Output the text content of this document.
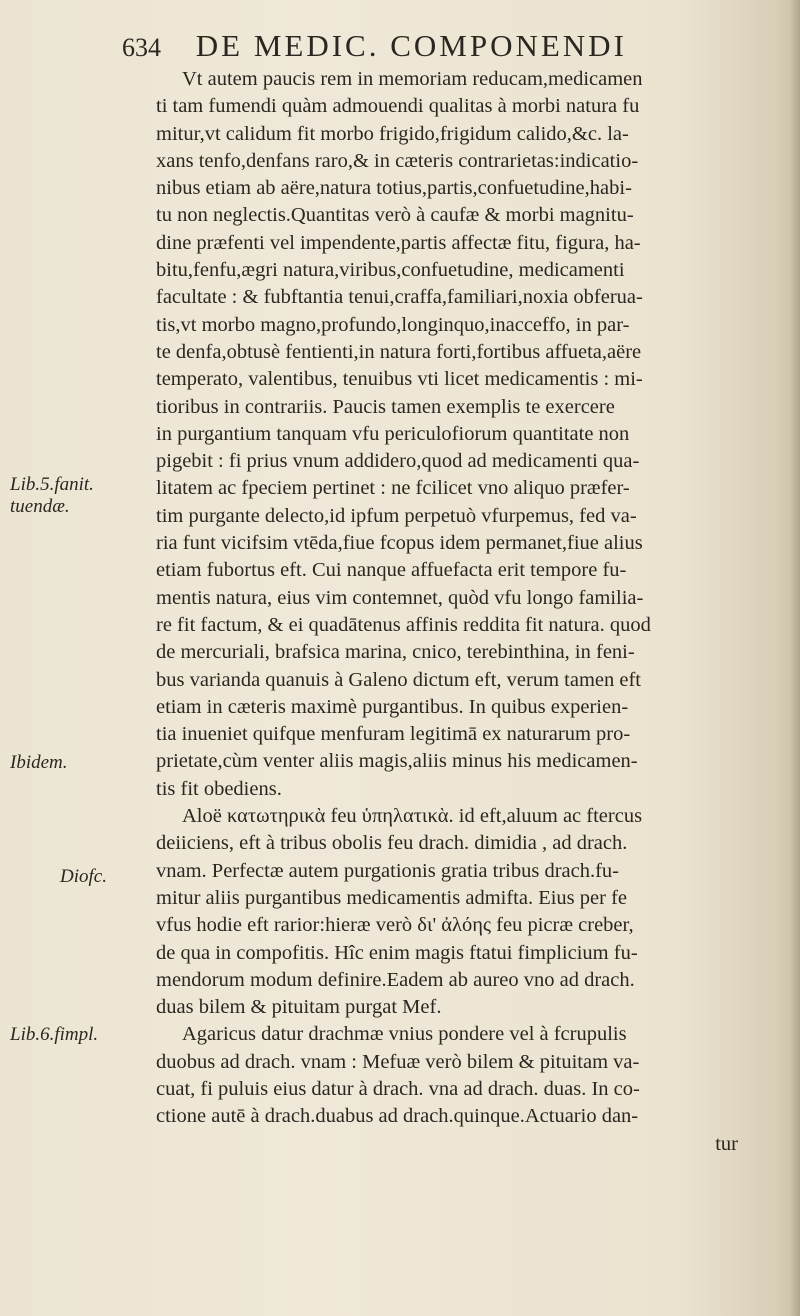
634 DE MEDIC. COMPONENDI
Lib.5.fanit.
tuendæ.
Ibidem.
Diofc.
Lib.6.fimpl.
Vt autem paucis rem in memoriam reducam,medicamen
ti tam fumendi quàm admouendi qualitas à morbi natura fu
mitur,vt calidum fit morbo frigido,frigidum calido,&c. la-
xans tenfo,denfans raro,& in cæteris contrarietas:indicatio-
nibus etiam ab aëre,natura totius,partis,confuetudine,habi-
tu non neglectis.Quantitas verò à caufæ & morbi magnitu-
dine præfenti vel impendente,partis affectæ fitu, figura, ha-
bitu,fenfu,ægri natura,viribus,confuetudine, medicamenti
facultate : & fubftantia tenui,craffa,familiari,noxia obferua-
tis,vt morbo magno,profundo,longinquo,inacceffo, in par-
te denfa,obtusè fentienti,in natura forti,fortibus affueta,aëre
temperato, valentibus, tenuibus vti licet medicamentis : mi-
tioribus in contrariis. Paucis tamen exemplis te exercere
in purgantium tanquam vfu periculofiorum quantitate non
pigebit : fi prius vnum addidero,quod ad medicamenti qua-
litatem ac fpeciem pertinet : ne fcilicet vno aliquo præfer-
tim purgante delecto,id ipfum perpetuò vfurpemus, fed va-
ria funt vicifsim vtēda,fiue fcopus idem permanet,fiue alius
etiam fubortus eft. Cui nanque affuefacta erit tempore fu-
mentis natura, eius vim contemnet, quòd vfu longo familia-
re fit factum, & ei quadātenus affinis reddita fit natura. quod
de mercuriali, brafsica marina, cnico, terebinthina, in feni-
bus varianda quanuis à Galeno dictum eft, verum tamen eft
etiam in cæteris maximè purgantibus. In quibus experien-
tia inueniet quifque menfuram legitimā ex naturarum pro-
prietate,cùm venter aliis magis,aliis minus his medicamen-
tis fit obediens.
Aloë κατωτηρικὰ feu ὑπηλατικὰ. id eft,aluum ac ftercus
deiiciens, eft à tribus obolis feu drach. dimidia , ad drach.
vnam. Perfectæ autem purgationis gratia tribus drach.fu-
mitur aliis purgantibus medicamentis admifta. Eius per fe
vfus hodie eft rarior:hieræ verò δι' ἀλόης feu picræ creber,
de qua in compofitis. Hîc enim magis ftatui fimplicium fu-
mendorum modum definire.Eadem ab aureo vno ad drach.
duas bilem & pituitam purgat Mef.
Agaricus datur drachmæ vnius pondere vel à fcrupulis
duobus ad drach. vnam : Mefuæ verò bilem & pituitam va-
cuat, fi puluis eius datur à drach. vna ad drach. duas. In co-
ctione autē à drach.duabus ad drach.quinque.Actuario dan-
tur
